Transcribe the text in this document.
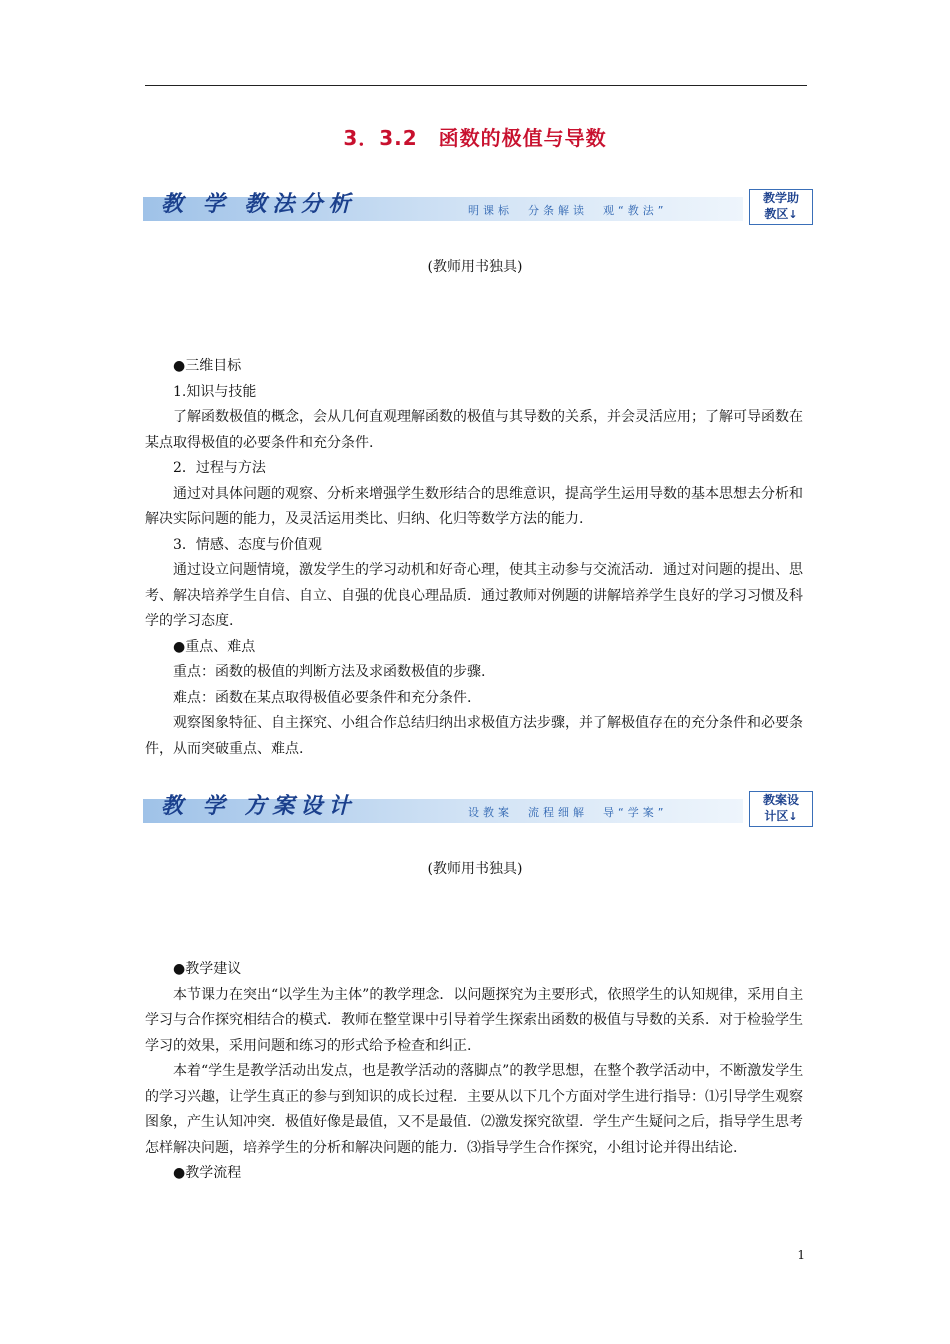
3．3.2　函数的极值与导数
教 学 教法分析	明课标　分条解读　观“教法”
教学助
教区↓
(教师用书独具)

●三维目标

1.知识与技能

了解函数极值的概念，会从几何直观理解函数的极值与其导数的关系，并会灵活应用；了解可导函数在某点取得极值的必要条件和充分条件.

2．过程与方法

通过对具体问题的观察、分析来增强学生数形结合的思维意识，提高学生运用导数的基本思想去分析和解决实际问题的能力，及灵活运用类比、归纳、化归等数学方法的能力.

3．情感、态度与价值观

通过设立问题情境，激发学生的学习动机和好奇心理，使其主动参与交流活动．通过对问题的提出、思考、解决培养学生自信、自立、自强的优良心理品质．通过教师对例题的讲解培养学生良好的学习习惯及科学的学习态度.

●重点、难点

重点：函数的极值的判断方法及求函数极值的步骤.

难点：函数在某点取得极值必要条件和充分条件.

观察图象特征、自主探究、小组合作总结归纳出求极值方法步骤，并了解极值存在的充分条件和必要条件，从而突破重点、难点.

教 学 方案设计	设教案　流程细解　导“学案”
教案设
计区↓
(教师用书独具)

●教学建议

本节课力在突出“以学生为主体”的教学理念．以问题探究为主要形式，依照学生的认知规律，采用自主学习与合作探究相结合的模式．教师在整堂课中引导着学生探索出函数的极值与导数的关系．对于检验学生学习的效果，采用问题和练习的形式给予检查和纠正.

本着“学生是教学活动出发点，也是教学活动的落脚点”的教学思想，在整个教学活动中，不断激发学生的学习兴趣，让学生真正的参与到知识的成长过程．主要从以下几个方面对学生进行指导：⑴引导学生观察图象，产生认知冲突．极值好像是最值，又不是最值．⑵激发探究欲望．学生产生疑问之后，指导学生思考怎样解决问题，培养学生的分析和解决问题的能力．⑶指导学生合作探究，小组讨论并得出结论.

●教学流程

1
